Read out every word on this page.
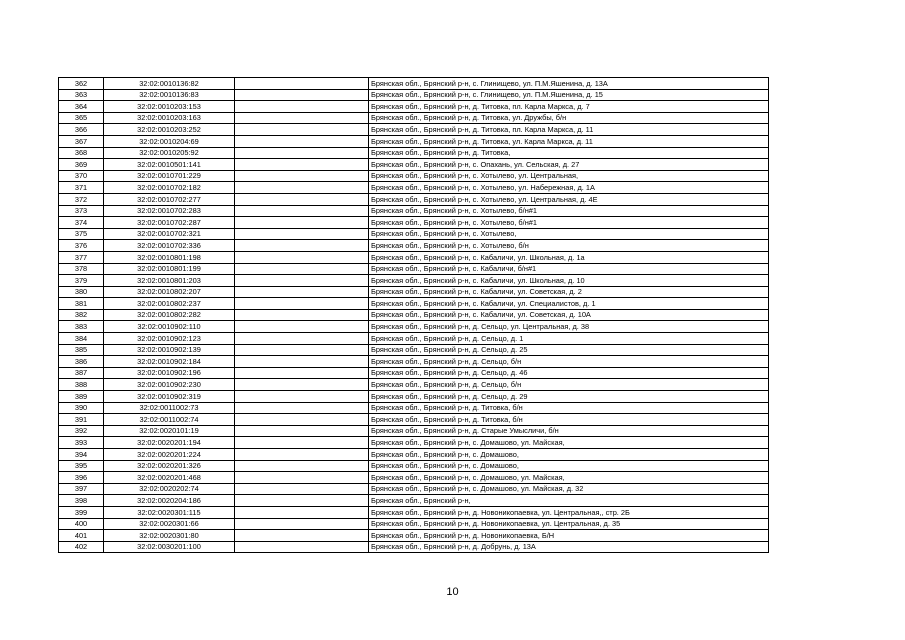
362	32:02:0010136:82		Брянская обл., Брянский р-н, с. Глинищево, ул. П.М.Яшенина, д. 13А
363	32:02:0010136:83		Брянская обл., Брянский р-н, с. Глинищево, ул. П.М.Яшенина, д. 15
364	32:02:0010203:153		Брянская обл., Брянский р-н, д. Титовка, пл. Карла Маркса, д. 7
365	32:02:0010203:163		Брянская обл., Брянский р-н, д. Титовка, ул. Дружбы, б/н
366	32:02:0010203:252		Брянская обл., Брянский р-н, д. Титовка, пл. Карла Маркса, д. 11
367	32:02:0010204:69		Брянская обл., Брянский р-н, д. Титовка, ул. Карла Маркса, д. 11
368	32:02:0010205:92		Брянская обл., Брянский р-н, д. Титовка,
369	32:02:0010501:141		Брянская обл., Брянский р-н, с. Опахань, ул. Сельская, д. 27
370	32:02:0010701:229		Брянская обл., Брянский р-н, с. Хотылево, ул. Центральная,
371	32:02:0010702:182		Брянская обл., Брянский р-н, с. Хотылево, ул. Набережная, д. 1А
372	32:02:0010702:277		Брянская обл., Брянский р-н, с. Хотылево, ул. Центральная, д. 4Е
373	32:02:0010702:283		Брянская обл., Брянский р-н, с. Хотылево, б/н#1
374	32:02:0010702:287		Брянская обл., Брянский р-н, с. Хотылево, б/н#1
375	32:02:0010702:321		Брянская обл., Брянский р-н, с. Хотылево,
376	32:02:0010702:336		Брянская обл., Брянский р-н, с. Хотылево, б/н
377	32:02:0010801:198		Брянская обл., Брянский р-н, с. Кабаличи, ул. Школьная, д. 1а
378	32:02:0010801:199		Брянская обл., Брянский р-н, с. Кабаличи, б/н#1
379	32:02:0010801:203		Брянская обл., Брянский р-н, с. Кабаличи, ул. Школьная, д. 10
380	32:02:0010802:207		Брянская обл., Брянский р-н, с. Кабаличи, ул. Советская, д. 2
381	32:02:0010802:237		Брянская обл., Брянский р-н, с. Кабаличи, ул. Специалистов, д. 1
382	32:02:0010802:282		Брянская обл., Брянский р-н, с. Кабаличи, ул. Советская, д. 10А
383	32:02:0010902:110		Брянская обл., Брянский р-н, д. Сельцо, ул. Центральная, д. 38
384	32:02:0010902:123		Брянская обл., Брянский р-н, д. Сельцо, д. 1
385	32:02:0010902:139		Брянская обл., Брянский р-н, д. Сельцо, д. 25
386	32:02:0010902:184		Брянская обл., Брянский р-н, д. Сельцо, б/н
387	32:02:0010902:196		Брянская обл., Брянский р-н, д. Сельцо, д. 46
388	32:02:0010902:230		Брянская обл., Брянский р-н, д. Сельцо, б/н
389	32:02:0010902:319		Брянская обл., Брянский р-н, д. Сельцо, д. 29
390	32:02:0011002:73		Брянская обл., Брянский р-н, д. Титовка, б/н
391	32:02:0011002:74		Брянская обл., Брянский р-н, д. Титовка, б/н
392	32:02:0020101:19		Брянская обл., Брянский р-н, д. Старые Умысличи, б/н
393	32:02:0020201:194		Брянская обл., Брянский р-н, с. Домашово, ул. Майская,
394	32:02:0020201:224		Брянская обл., Брянский р-н, с. Домашово,
395	32:02:0020201:326		Брянская обл., Брянский р-н, с. Домашово,
396	32:02:0020201:468		Брянская обл., Брянский р-н, с. Домашово, ул. Майская,
397	32:02:0020202:74		Брянская обл., Брянский р-н, с. Домашово, ул. Майская, д. 32
398	32:02:0020204:186		Брянская обл., Брянский р-н,
399	32:02:0020301:115		Брянская обл., Брянский р-н, д. Новоникопаевка, ул. Центральная,, стр. 2Б
400	32:02:0020301:66		Брянская обл., Брянский р-н, д. Новоникопаевка, ул. Центральная, д. 35
401	32:02:0020301:80		Брянская обл., Брянский р-н, д. Новоникопаевка, Б/Н
402	32:02:0030201:100		Брянская обл., Брянский р-н, д. Добрунь, д. 13А
10
